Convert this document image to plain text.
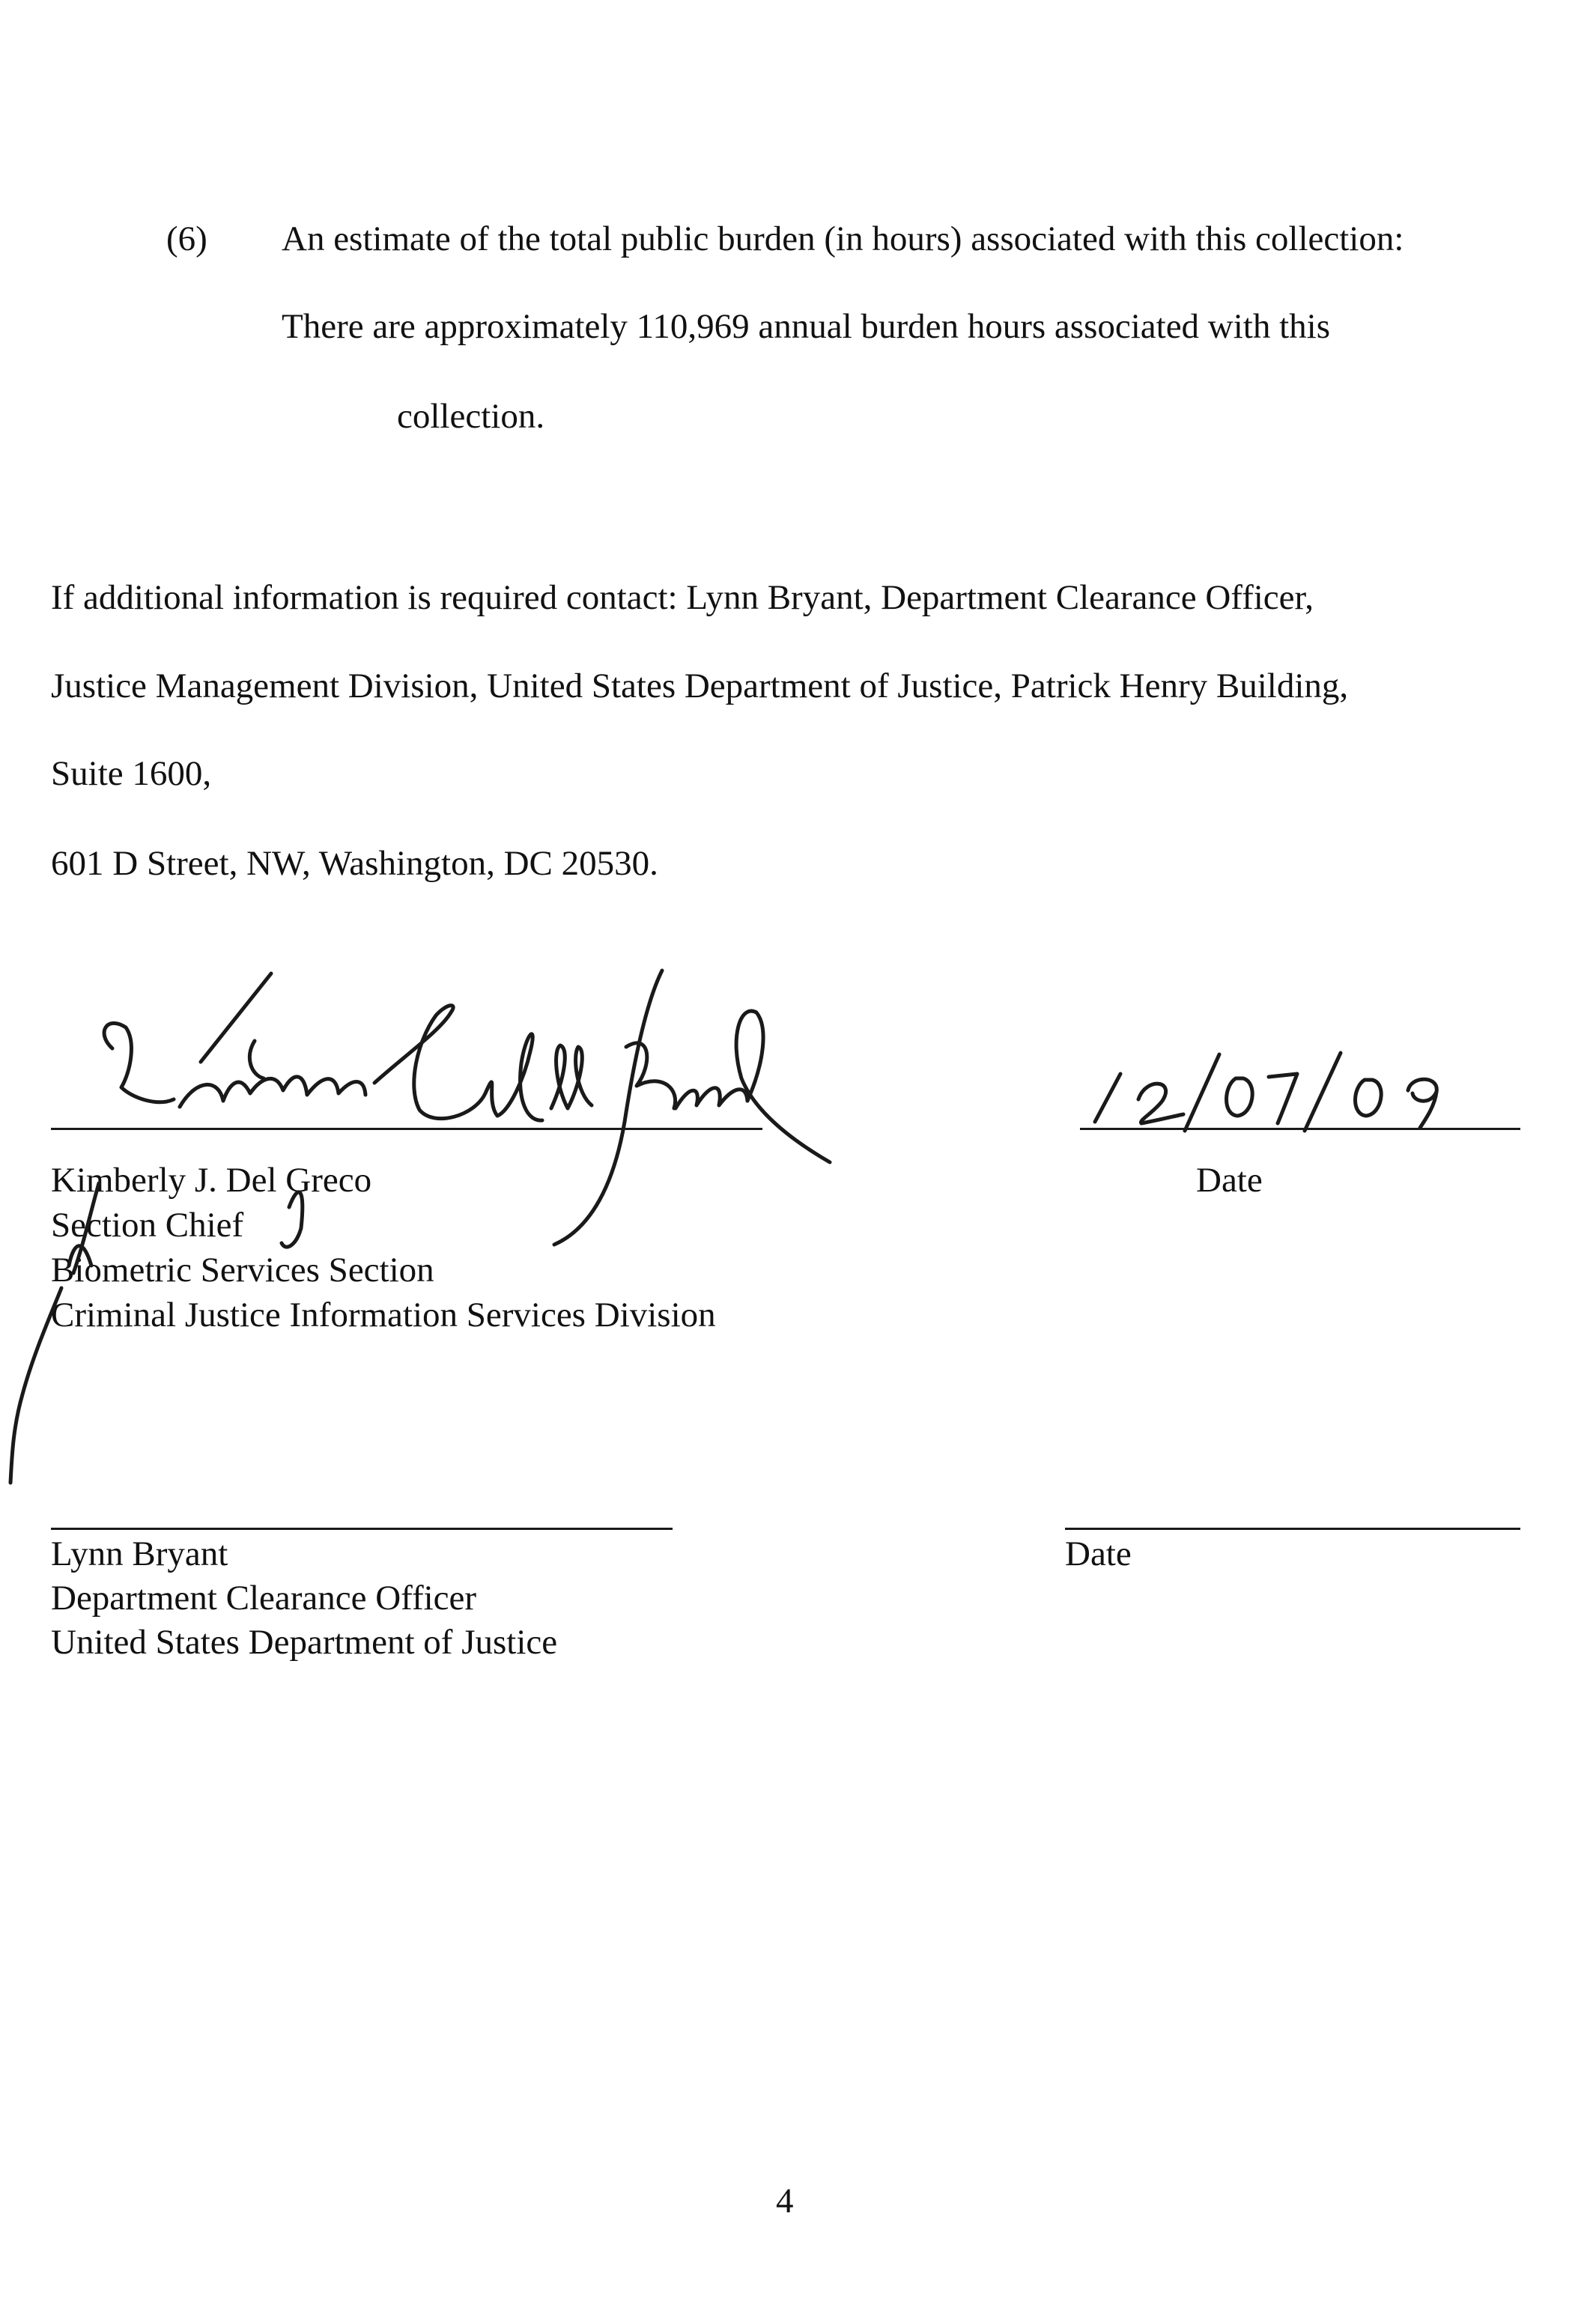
(6) An estimate of the total public burden (in hours) associated with this collection:
There are approximately 110,969 annual burden hours associated with this
collection.
If additional information is required contact: Lynn Bryant, Department Clearance Officer,
Justice Management Division, United States Department of Justice, Patrick Henry Building,
Suite 1600,
601 D Street, NW, Washington, DC 20530.
Kimberly J. Del Greco
Section Chief
Biometric Services Section
Criminal Justice Information Services Division
Date
Lynn Bryant
Department Clearance Officer
United States Department of Justice
Date
4
